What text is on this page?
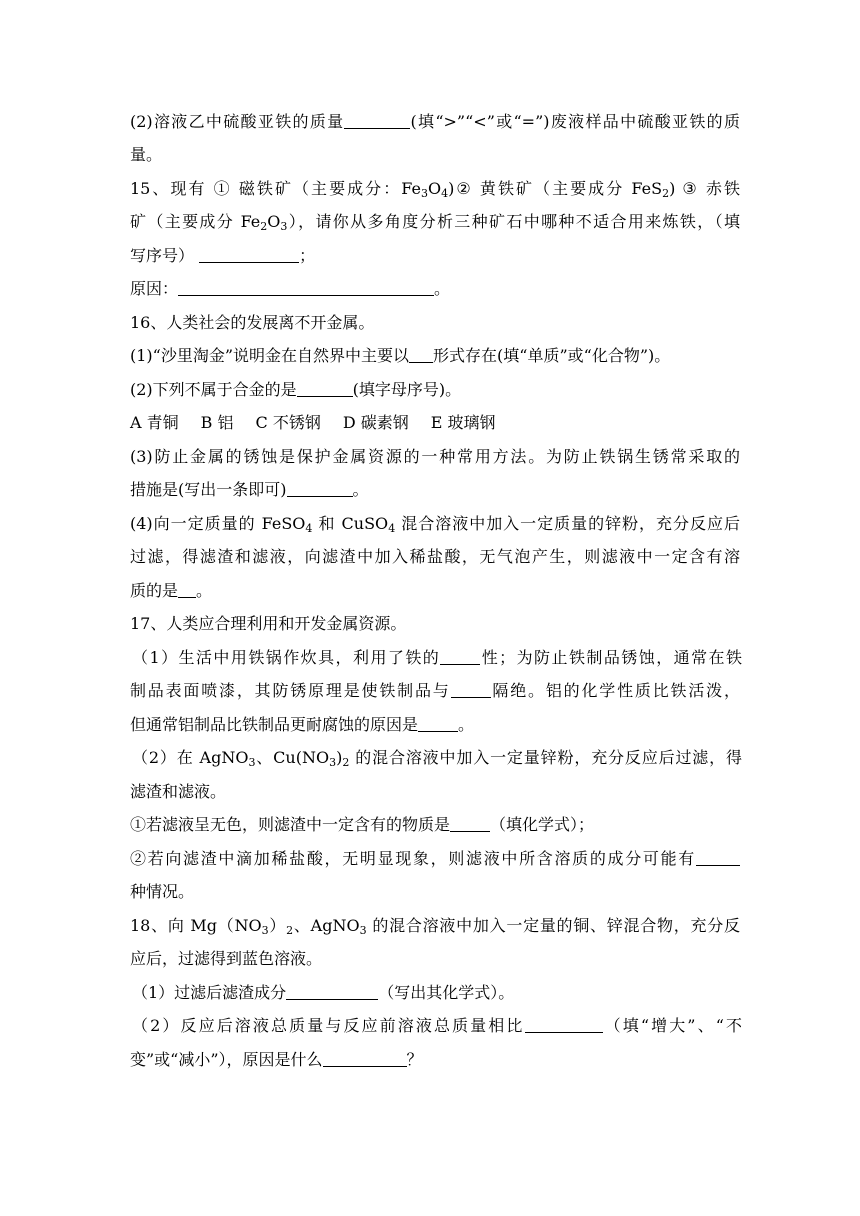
(2)溶液乙中硫酸亚铁的质量	(填“>”“<”或“=”)废液样品中硫酸亚铁的质
量。
15、现有 ① 磁铁矿（主要成分：$Fe_3O_4)②$ 黄铁矿（主要成分 FeS$_2$) ③ 赤铁
矿（主要成分 $Fe_2O_3$），请你从多角度分析三种矿石中哪种不适合用来炼铁，（填
写序号）	；
原因：	。
16、人类社会的发展离不开金属。
(1)“沙里淘金”说明金在自然界中主要以 形式存在(填“单质”或“化合物”)。
(2)下列不属于合金的是	(填字母序号)。
A 青铜 B 铝 C 不锈钢 D 碳素钢 E 玻璃钢
(3)防止金属的锈蚀是保护金属资源的一种常用方法。为防止铁锅生锈常采取的
措施是(写出一条即可)	。
(4)向一定质量的 FeSO$_4$ 和 CuSO$_4$ 混合溶液中加入一定质量的锌粉，充分反应后
过滤，得滤渣和滤液，向滤渣中加入稀盐酸，无气泡产生，则滤液中一定含有溶
质的是 。
17、人类应合理利用和开发金属资源。
（1）生活中用铁锅作炊具，利用了铁的	性；为防止铁制品锈蚀，通常在铁
制品表面喷漆，其防锈原理是使铁制品与	隔绝。铝的化学性质比铁活泼，
但通常铝制品比铁制品更耐腐蚀的原因是	。
（2）在 AgNO$_3$、$Cu(NO_3)_2$ 的混合溶液中加入一定量锌粉，充分反应后过滤，得
滤渣和滤液。
①若滤液呈无色，则滤渣中一定含有的物质是	（填化学式）；
②若向滤渣中滴加稀盐酸，无明显现象，则滤液中所含溶质的成分可能有
种情况。
18、向 $Mg(NO_3)_2$、AgNO$_3$ 的混合溶液中加入一定量的铜、锌混合物，充分反
应后，过滤得到蓝色溶液。
（1）过滤后滤渣成分	（写出其化学式）。
（2）反应后溶液总质量与反应前溶液总质量相比	（填“增大”、“不
变”或“减小”），原因是什么	？
